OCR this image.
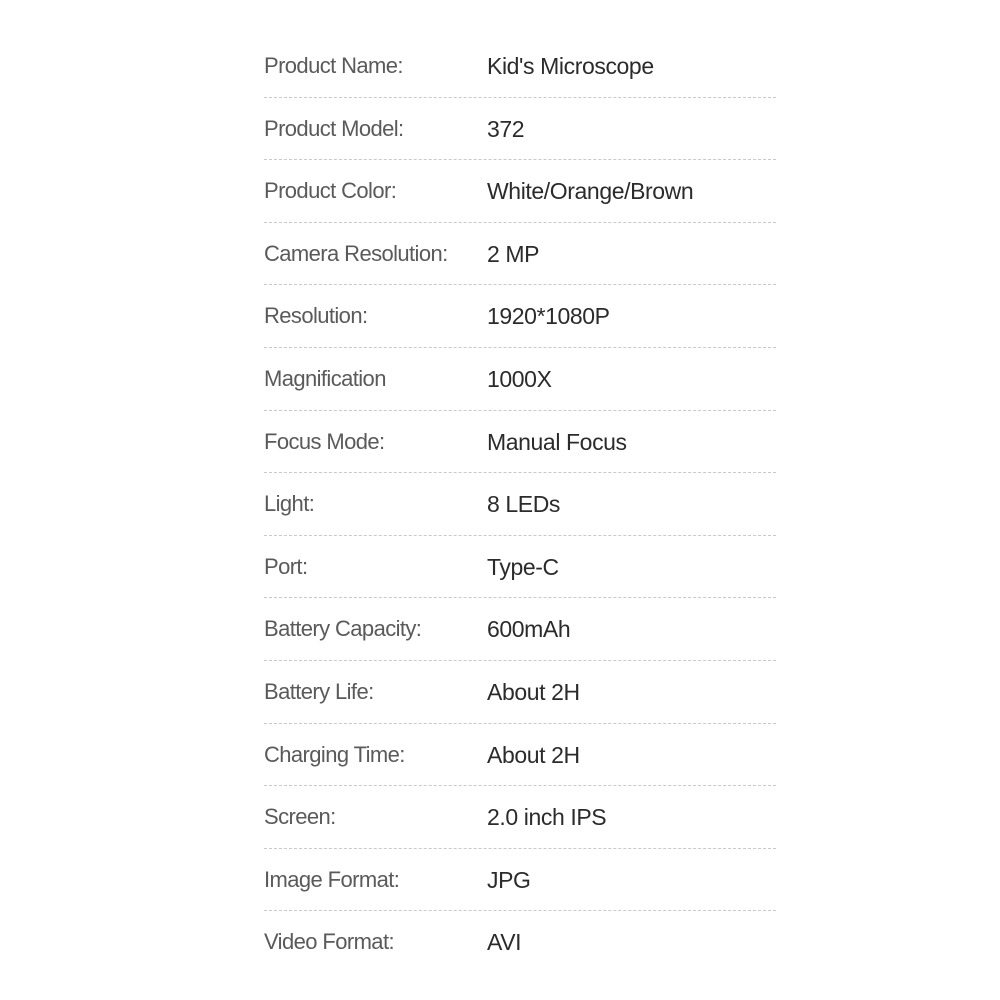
Product Name:	Kid's Microscope
Product Model:	372
Product Color:	White/Orange/Brown
Camera Resolution: 2 MP
Resolution:	1920*1080P
Magnification	1000X
Focus Mode:	Manual Focus
Light:	8 LEDs
Port:	Type-C
Battery Capacity:	600mAh
Battery Life:	About 2H
Charging Time:	About 2H
Screen:	2.0 inch IPS
Image Format:	JPG
Video Format:	AVI
